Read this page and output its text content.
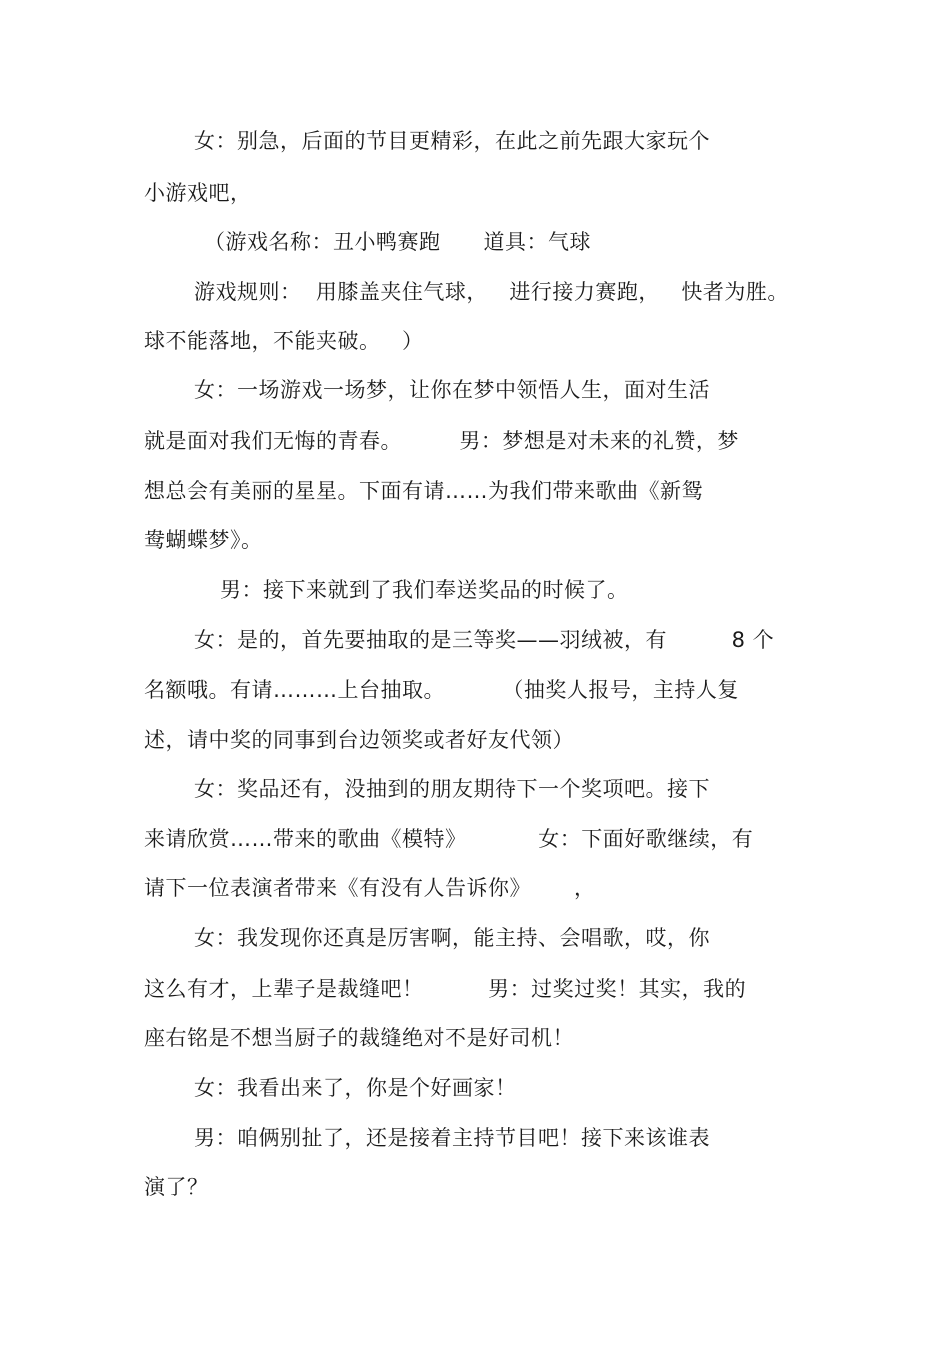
女：别急，后面的节目更精彩，在此之前先跟大家玩个

小游戏吧，

（游戏名称：丑小鸭赛跑　　道具：气球

游戏规则：  用膝盖夹住气球，   进行接力赛跑，   快者为胜。

球不能落地，不能夹破。   ）

女：一场游戏一场梦，让你在梦中领悟人生，面对生活

就是面对我们无悔的青春。        男：梦想是对未来的礼赞，梦

想总会有美丽的星星。下面有请……为我们带来歌曲《新鸳

鸯蝴蝶梦》。

男：接下来就到了我们奉送奖品的时候了。

女：是的，首先要抽取的是三等奖——羽绒被，有         8 个

名额哦。有请………上台抽取。        （抽奖人报号，主持人复

述，请中奖的同事到台边领奖或者好友代领）

女：奖品还有，没抽到的朋友期待下一个奖项吧。接下

来请欣赏……带来的歌曲《模特》          女：下面好歌继续，有

请下一位表演者带来《有没有人告诉你》      ，

女：我发现你还真是厉害啊，能主持、会唱歌，哎，你

这么有才，上辈子是裁缝吧！         男：过奖过奖！其实，我的

座右铭是不想当厨子的裁缝绝对不是好司机！

女：我看出来了，你是个好画家！

男：咱俩别扯了，还是接着主持节目吧！接下来该谁表

演了？
